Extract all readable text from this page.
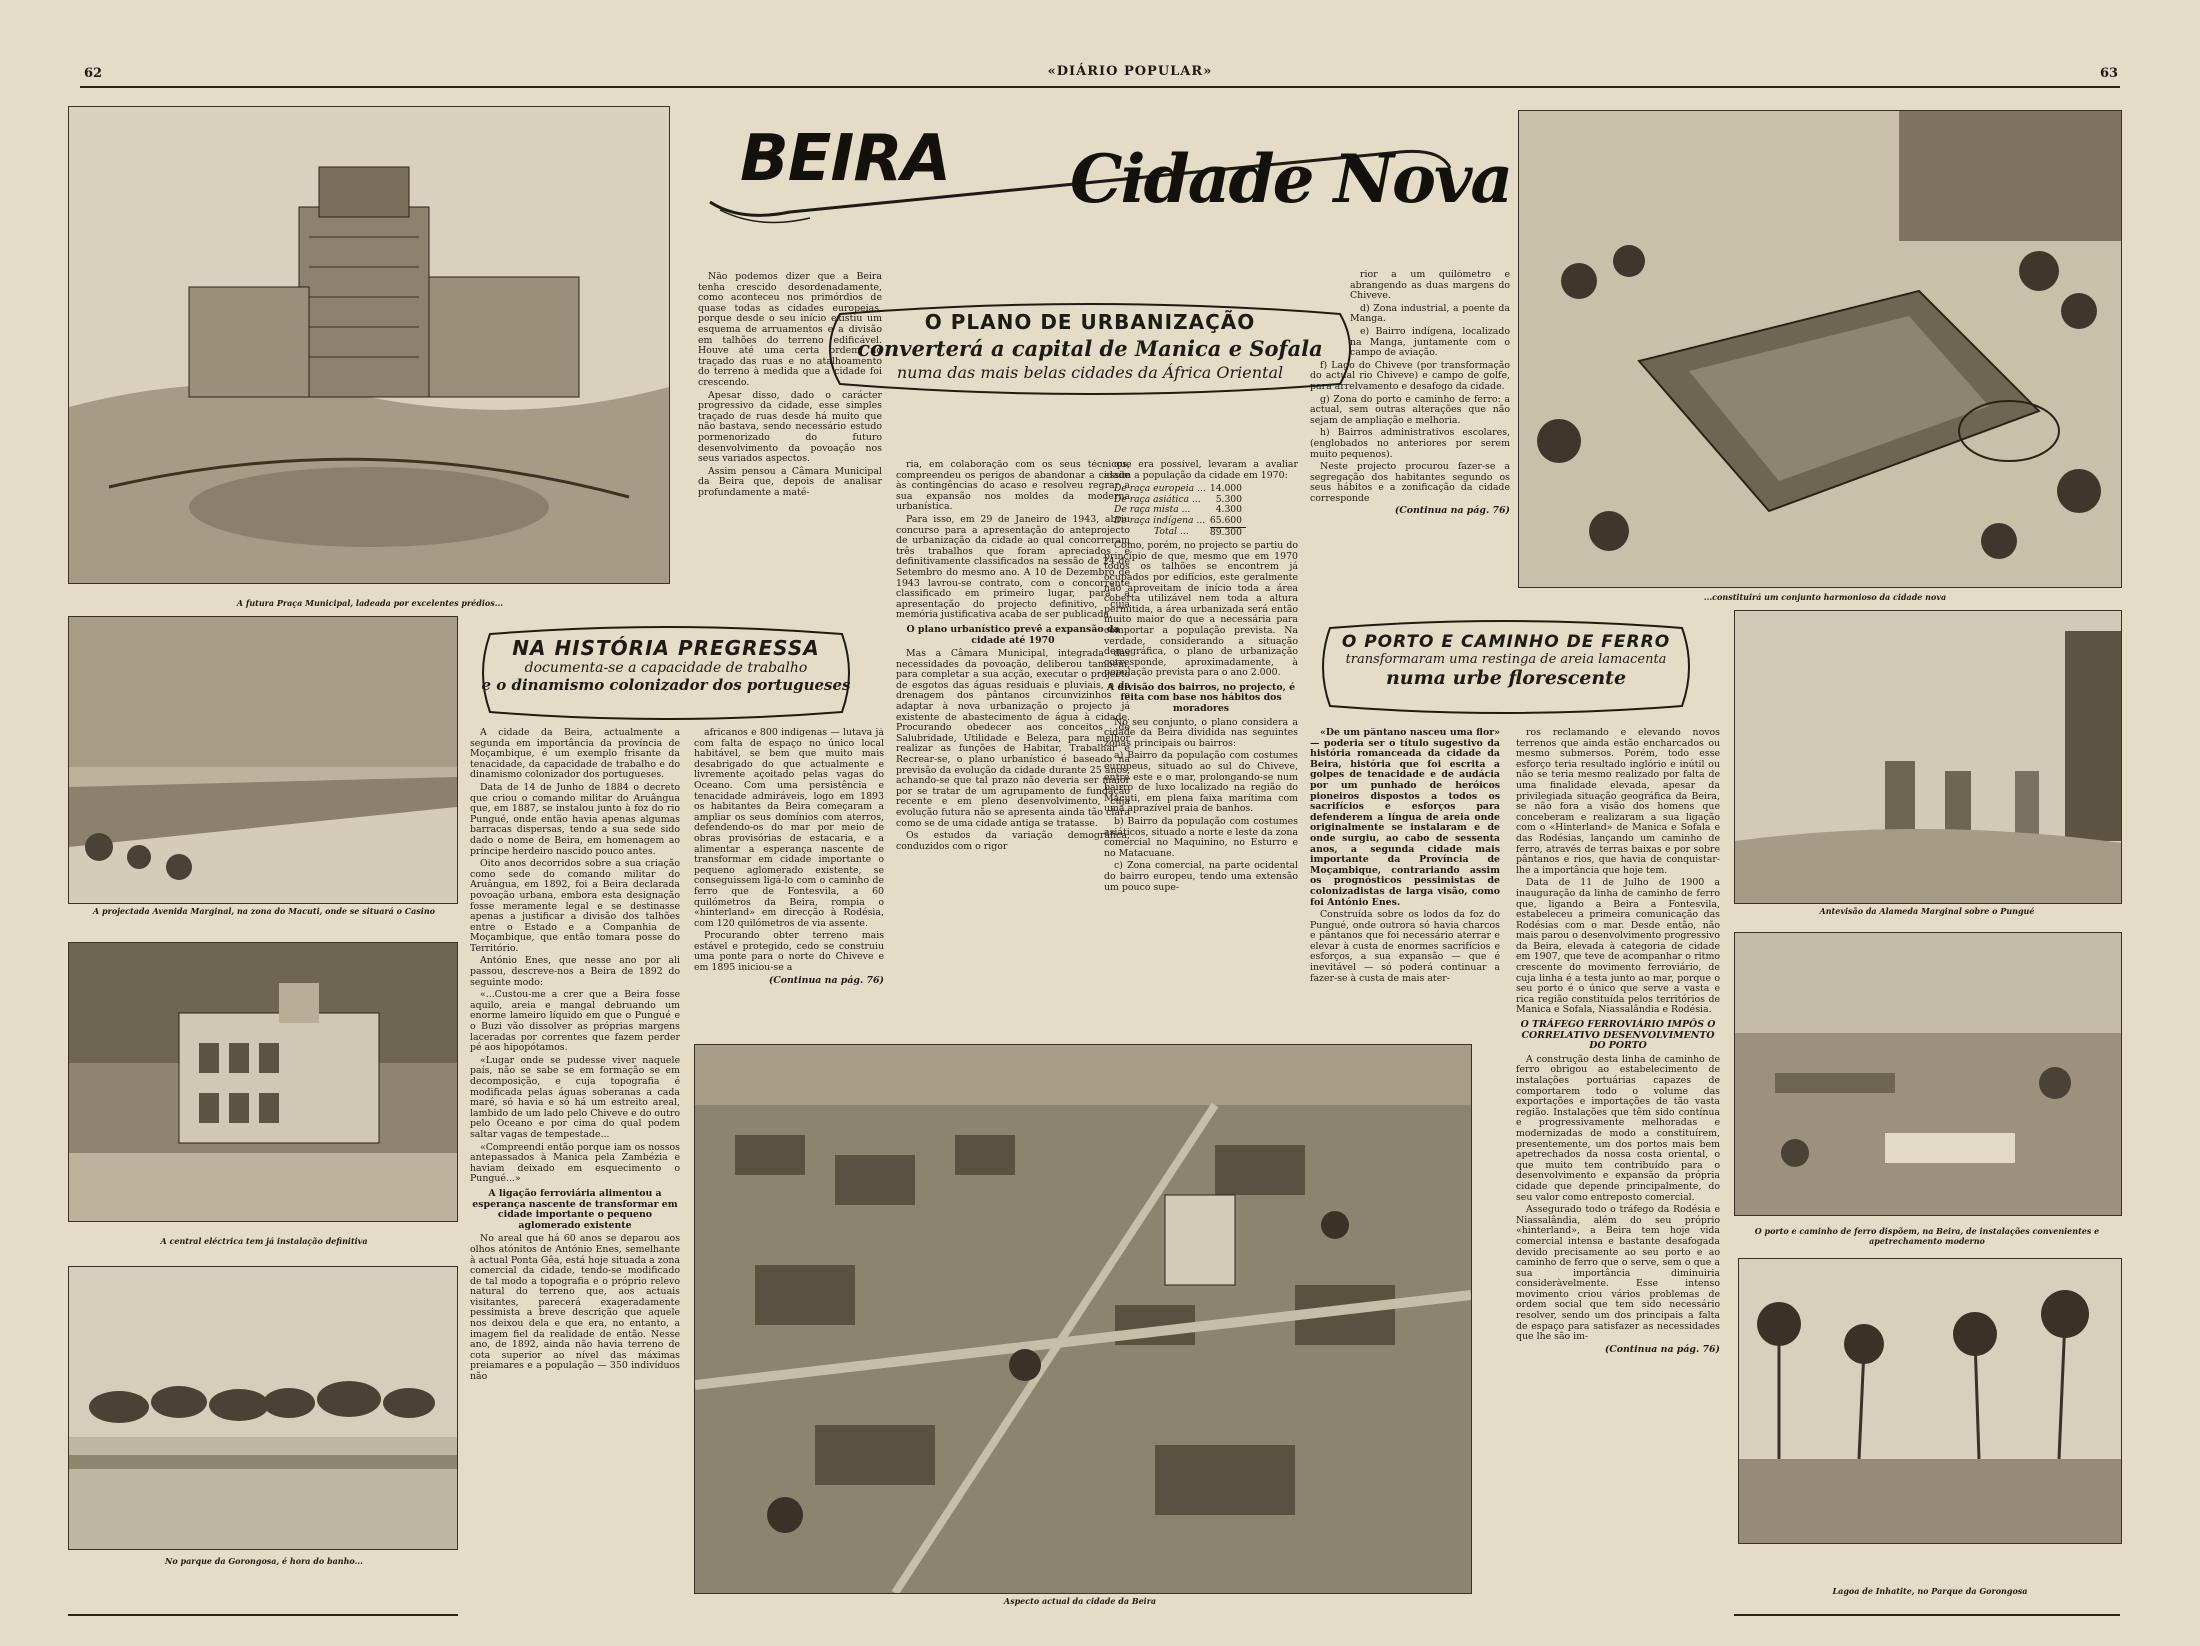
62	«DIÁRIO POPULAR»	63
A futura Praça Municipal, ladeada por excelentes prédios...
...constituirá um conjunto harmonioso da cidade nova
A projectada Avenida Marginal, na zona do Macuti, onde se situará o Casino
A central eléctrica tem já instalação definitiva
No parque da Gorongosa, é hora do banho...
Aspecto actual da cidade da Beira
Antevisão da Alameda Marginal sobre o Pungué
O porto e caminho de ferro dispõem, na Beira, de instalações convenientes e apetrechamento moderno
Lagoa de Inhatite, no Parque da Gorongosa
BEIRA Cidade Nova
O PLANO DE URBANIZAÇÃO
converterá a capital de Manica e Sofala
numa das mais belas cidades da África Oriental
NA HISTÓRIA PREGRESSA
documenta-se a capacidade de trabalho
e o dinamismo colonizador dos portugueses
O PORTO E CAMINHO DE FERRO
transformaram uma restinga de areia lamacenta
numa urbe florescente

Não podemos dizer que a Beira tenha crescido desordenadamente, como aconteceu nos primórdios de quase todas as cidades europeias, porque desde o seu início existiu um esquema de arruamentos e a divisão em talhões do terreno edificável. Houve até uma certa ordem no traçado das ruas e no atalhoamento do terreno à medida que a cidade foi crescendo.

Apesar disso, dado o carácter progressivo da cidade, esse simples traçado de ruas desde há muito que não bastava, sendo necessário estudo pormenorizado do futuro desenvolvimento da povoação nos seus variados aspectos.

Assim pensou a Câmara Municipal da Beira que, depois de analisar profundamente a maté-

ria, em colaboração com os seus técnicos, compreendeu os perigos de abandonar a cidade às contingências do acaso e resolveu regrar a sua expansão nos moldes da moderna urbanística.

Para isso, em 29 de Janeiro de 1943, abriu concurso para a apresentação do anteprojecto de urbanização da cidade ao qual concorreram três trabalhos que foram apreciados e definitivamente classificados na sessão de 24 de Setembro do mesmo ano. A 10 de Dezembro de 1943 lavrou-se contrato, com o concorrente classificado em primeiro lugar, para a apresentação do projecto definitivo, cuja memória justificativa acaba de ser publicada.

O plano urbanístico prevê a expansão da cidade até 1970

Mas a Câmara Municipal, integrada das necessidades da povoação, deliberou também, para completar a sua acção, executar o projecto de esgotos das águas residuais e pluviais, o da drenagem dos pântanos circunvizinhos e adaptar à nova urbanização o projecto já existente de abastecimento de água à cidade. Procurando obedecer aos conceitos de Salubridade, Utilidade e Beleza, para melhor realizar as funções de Habitar, Trabalhar e Recrear-se, o plano urbanístico é baseado na previsão da evolução da cidade durante 25 anos, achando-se que tal prazo não deveria ser maior por se tratar de um agrupamento de fundação recente e em pleno desenvolvimento, cuja evolução futura não se apresenta ainda tão clara como se de uma cidade antiga se tratasse.

Os estudos da variação demográfica, conduzidos com o rigor

que era possível, levaram a avaliar assim a população da cidade em 1970:

De raça europeia ...	14.000
De raça asiática ...	5.300
De raça mista ...	4.300
De raça indígena ...	65.600
Total ...	89.300

Como, porém, no projecto se partiu do princípio de que, mesmo que em 1970 todos os talhões se encontrem já ocupados por edifícios, este geralmente não aproveitam de início toda a área coberta utilizável nem toda a altura permitida, a área urbanizada será então muito maior do que a necessária para comportar a população prevista. Na verdade, considerando a situação demográfica, o plano de urbanização corresponde, aproximadamente, à população prevista para o ano 2.000.

A divisão dos bairros, no projecto, é feita com base nos hábitos dos moradores

No seu conjunto, o plano considera a cidade da Beira dividida nas seguintes zonas principais ou bairros:

a) Bairro da população com costumes europeus, situado ao sul do Chiveve, entre este e o mar, prolongando-se num bairro de luxo localizado na região do Macuti, em plena faixa marítima com uma aprazível praia de banhos.

b) Bairro da população com costumes asiáticos, situado a norte e leste da zona comercial no Maquinino, no Esturro e no Matacuane.

c) Zona comercial, na parte ocidental do bairro europeu, tendo uma extensão um pouco supe-

rior a um quilómetro e abrangendo as duas margens do Chiveve.

d) Zona industrial, a poente da Manga.

e) Bairro indígena, localizado na Manga, juntamente com o campo de aviação.

f) Lago do Chiveve (por transformação do actual rio Chiveve) e campo de golfe, para arrelvamento e desafogo da cidade.

g) Zona do porto e caminho de ferro: a actual, sem outras alterações que não sejam de ampliação e melhoria.

h) Bairros administrativos escolares, (englobados no anteriores por serem muito pequenos).

Neste projecto procurou fazer-se a segregação dos habitantes segundo os seus hábitos e a zonificação da cidade corresponde

(Continua na pág. 76)

A cidade da Beira, actualmente a segunda em importância da província de Moçambique, é um exemplo frisante da tenacidade, da capacidade de trabalho e do dinamismo colonizador dos portugueses.

Data de 14 de Junho de 1884 o decreto que criou o comando militar do Aruângua que, em 1887, se instalou junto à foz do rio Pungué, onde então havia apenas algumas barracas dispersas, tendo a sua sede sido dado o nome de Beira, em homenagem ao príncipe herdeiro nascido pouco antes.

Oito anos decorridos sobre a sua criação como sede do comando militar do Aruângua, em 1892, foi a Beira declarada povoação urbana, embora esta designação fosse meramente legal e se destinasse apenas a justificar a divisão dos talhões entre o Estado e a Companhia de Moçambique, que então tomara posse do Território.

António Enes, que nesse ano por ali passou, descreve-nos a Beira de 1892 do seguinte modo:

«...Custou-me a crer que a Beira fosse aquilo, areia e mangal debruando um enorme lameiro líquido em que o Pungué e o Buzi vão dissolver as próprias margens laceradas por correntes que fazem perder pé aos hipopótamos.

«Lugar onde se pudesse viver naquele país, não se sabe se em formação se em decomposição, e cuja topografia é modificada pelas águas soberanas a cada maré, só havia e só há um estreito areal, lambido de um lado pelo Chiveve e do outro pelo Oceano e por cima do qual podem saltar vagas de tempestade...

«Compreendi então porque iam os nossos antepassados à Manica pela Zambézia e haviam deixado em esquecimento o Pungué...»

A ligação ferroviária alimentou a esperança nascente de transformar em cidade importante o pequeno aglomerado existente

No areal que há 60 anos se deparou aos olhos atónitos de António Enes, semelhante à actual Ponta Gêa, está hoje situada a zona comercial da cidade, tendo-se modificado de tal modo a topografia e o próprio relevo natural do terreno que, aos actuais visitantes, parecerá exageradamente pessimista a breve descrição que aquele nos deixou dela e que era, no entanto, a imagem fiel da realidade de então. Nesse ano, de 1892, ainda não havia terreno de cota superior ao nível das máximas preiamares e a população — 350 indivíduos não

africanos e 800 indígenas — lutava já com falta de espaço no único local habitável, se bem que muito mais desabrigado do que actualmente e livremente açoitado pelas vagas do Oceano. Com uma persistência e tenacidade admiráveis, logo em 1893 os habitantes da Beira começaram a ampliar os seus domínios com aterros, defendendo-os do mar por meio de obras provisórias de estacaria, e a alimentar a esperança nascente de transformar em cidade importante o pequeno aglomerado existente, se conseguissem ligá-lo com o caminho de ferro que de Fontesvila, a 60 quilómetros da Beira, rompia o «hinterland» em direcção à Rodésia, com 120 quilómetros de via assente.

Procurando obter terreno mais estável e protegido, cedo se construiu uma ponte para o norte do Chiveve e em 1895 iniciou-se a

(Continua na pág. 76)

«De um pântano nasceu uma flor» — poderia ser o título sugestivo da história romanceada da cidade da Beira, história que foi escrita a golpes de tenacidade e de audácia por um punhado de heróicos pioneiros dispostos a todos os sacrifícios e esforços para defenderem a língua de areia onde originalmente se instalaram e de onde surgiu, ao cabo de sessenta anos, a segunda cidade mais importante da Província de Moçambique, contrariando assim os prognósticos pessimistas de colonizadistas de larga visão, como foi António Enes.

Construída sobre os lodos da foz do Pungué, onde outrora só havia charcos e pântanos que foi necessário aterrar e elevar à custa de enormes sacrifícios e esforços, a sua expansão — que é inevitável — só poderá continuar a fazer-se à custa de mais ater-

ros reclamando e elevando novos terrenos que ainda estão encharcados ou mesmo submersos. Porém, todo esse esforço teria resultado inglório e inútil ou não se teria mesmo realizado por falta de uma finalidade elevada, apesar da privilegiada situação geográfica da Beira, se não fora a visão dos homens que conceberam e realizaram a sua ligação com o «Hinterland» de Manica e Sofala e das Rodésias, lançando um caminho de ferro, através de terras baixas e por sobre pântanos e rios, que havia de conquistar-lhe a importância que hoje tem.

Data de 11 de Julho de 1900 a inauguração da linha de caminho de ferro que, ligando a Beira a Fontesvila, estabeleceu a primeira comunicação das Rodésias com o mar. Desde então, não mais parou o desenvolvimento progressivo da Beira, elevada à categoria de cidade em 1907, que teve de acompanhar o ritmo crescente do movimento ferroviário, de cuja linha é a testa junto ao mar, porque o seu porto é o único que serve a vasta e rica região constituída pelos territórios de Manica e Sofala, Niassalândia e Rodésia.

O TRÁFEGO FERROVIÁRIO IMPÔS O CORRELATIVO DESENVOLVIMENTO DO PORTO

A construção desta linha de caminho de ferro obrigou ao estabelecimento de instalações portuárias capazes de comportarem todo o volume das exportações e importações de tão vasta região. Instalações que têm sido contínua e progressivamente melhoradas e modernizadas de modo a constituírem, presentemente, um dos portos mais bem apetrechados da nossa costa oriental, o que muito tem contribuído para o desenvolvimento e expansão da própria cidade que depende principalmente, do seu valor como entreposto comercial.

Assegurado todo o tráfego da Rodésia e Niassalândia, além do seu próprio «hinterland», a Beira tem hoje vida comercial intensa e bastante desafogada devido precisamente ao seu porto e ao caminho de ferro que o serve, sem o que a sua importância diminuiria consideràvelmente. Esse intenso movimento criou vários problemas de ordem social que tem sido necessário resolver, sendo um dos principais a falta de espaço para satisfazer as necessidades que lhe são im-

(Continua na pág. 76)
